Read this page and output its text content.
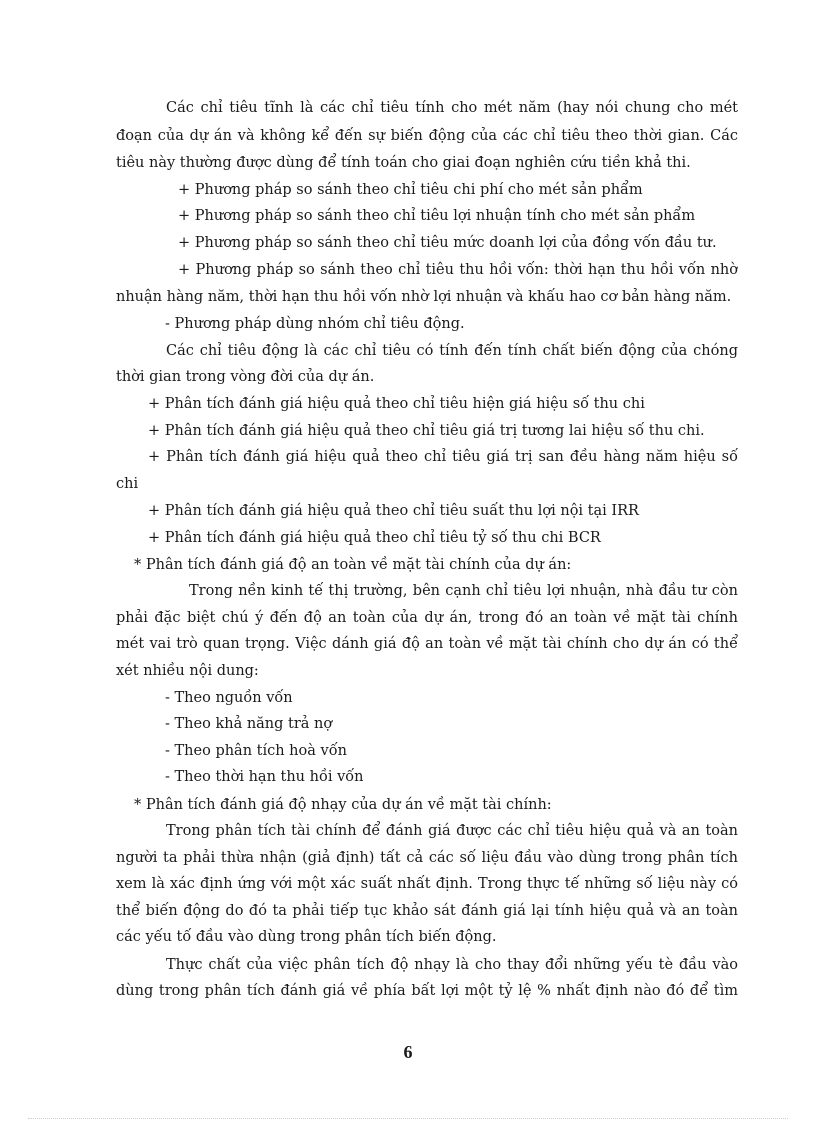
Các chỉ tiêu tĩnh là các chỉ tiêu tính cho mét năm (hay nói chung cho mét
đoạn của dự án và không kể đến sự biến động của các chỉ tiêu theo thời gian. Các
tiêu này thường được dùng để tính toán cho giai đoạn nghiên cứu tiền khả thi.
+ Phương pháp so sánh theo chỉ tiêu chi phí cho mét sản phẩm
+ Phương pháp so sánh theo chỉ tiêu lợi nhuận tính cho mét sản phẩm
+ Phương pháp so sánh theo chỉ tiêu mức doanh lợi của đồng vốn đầu tư.
+ Phương pháp so sánh theo chỉ tiêu thu hồi vốn: thời hạn thu hồi vốn nhờ
nhuận hàng năm, thời hạn thu hồi vốn nhờ lợi nhuận và khấu hao cơ bản hàng năm.
- Phương pháp dùng nhóm chỉ tiêu động.
Các chỉ tiêu động là các chỉ tiêu có tính đến tính chất biến động của chóng
thời gian trong vòng đời của dự án.
+ Phân tích đánh giá hiệu quả theo chỉ tiêu hiện giá hiệu số thu chi
+ Phân tích đánh giá hiệu quả theo chỉ tiêu giá trị tương lai hiệu số thu chi.
+ Phân tích đánh giá hiệu quả theo chỉ tiêu giá trị san đều hàng năm hiệu số
chi
+ Phân tích đánh giá hiệu quả theo chỉ tiêu suất thu lợi nội tại IRR
+ Phân tích đánh giá hiệu quả theo chỉ tiêu tỷ số thu chi BCR
* Phân tích đánh giá độ an toàn về mặt tài chính của dự án:
Trong nền kinh tế thị trường, bên cạnh chỉ tiêu lợi nhuận, nhà đầu tư còn
phải đặc biệt chú ý đến độ an toàn của dự án, trong đó an toàn về mặt tài chính
mét vai trò quan trọng. Việc dánh giá độ an toàn về mặt tài chính cho dự án có thể
xét nhiều nội dung:
- Theo nguồn vốn
- Theo khả năng trả nợ
- Theo phân tích hoà vốn
- Theo thời hạn thu hồi vốn
* Phân tích đánh giá độ nhạy của dự án về mặt tài chính:
Trong phân tích tài chính để đánh giá được các chỉ tiêu hiệu quả và an toàn
người ta phải thừa nhận (giả định) tất cả các số liệu đầu vào dùng trong phân tích
xem là xác định ứng với một xác suất nhất định. Trong thực tế những số liệu này có
thể biến động do đó ta phải tiếp tục khảo sát đánh giá lại tính hiệu quả và an toàn
các yếu tố đầu vào dùng trong phân tích biến động.
Thực chất của việc phân tích độ nhạy là cho thay đổi những yếu tè đầu vào
dùng trong phân tích đánh giá về phía bất lợi một tỷ lệ % nhất định nào đó để tìm
6
